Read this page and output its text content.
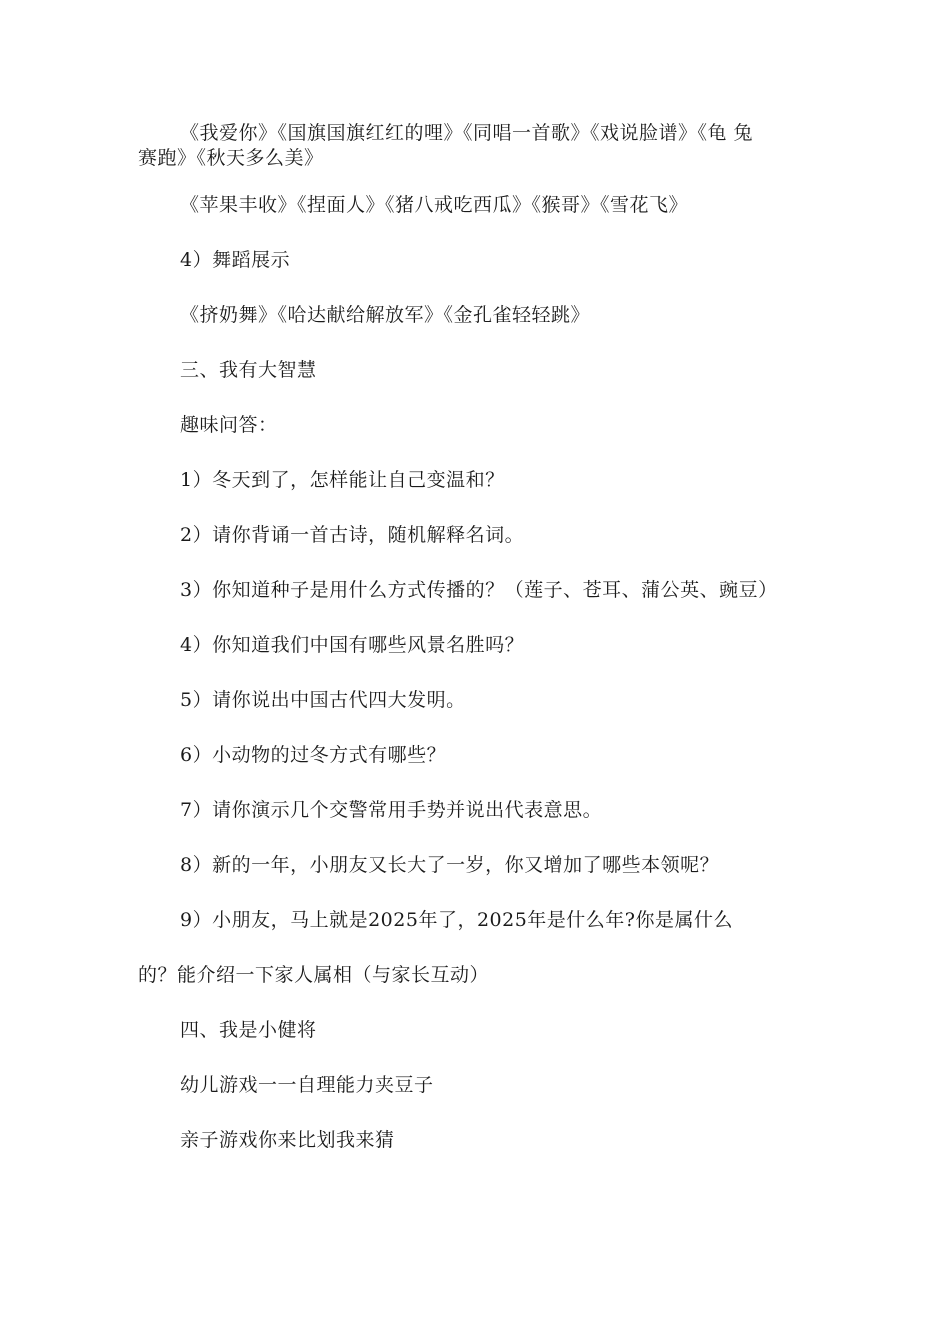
《我爱你》《国旗国旗红红的哩》《同唱一首歌》《戏说脸谱》《龟 兔
赛跑》《秋天多么美》
《苹果丰收》《捏面人》《猪八戒吃西瓜》《猴哥》《雪花飞》
4）舞蹈展示
《挤奶舞》《哈达献给解放军》《金孔雀轻轻跳》
三、我有大智慧
趣味问答：
1）冬天到了，怎样能让自己变温和？
2）请你背诵一首古诗，随机解释名词。
3）你知道种子是用什么方式传播的？（莲子、苍耳、蒲公英、豌豆）
4）你知道我们中国有哪些风景名胜吗？
5）请你说出中国古代四大发明。
6）小动物的过冬方式有哪些？
7）请你演示几个交警常用手势并说出代表意思。
8）新的一年，小朋友又长大了一岁，你又增加了哪些本领呢？
9）小朋友，马上就是2025年了，2025年是什么年?你是属什么
的？能介绍一下家人属相（与家长互动）
四、我是小健将
幼儿游戏一一自理能力夹豆子
亲子游戏你来比划我来猜
